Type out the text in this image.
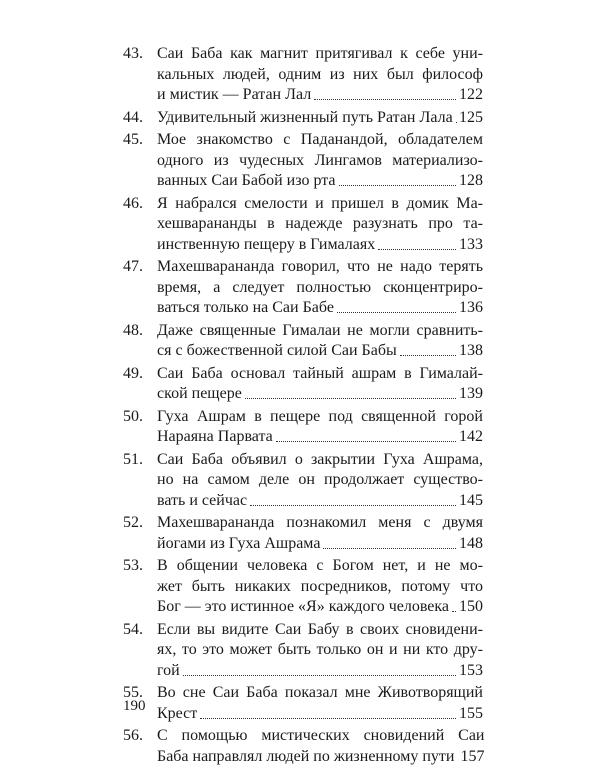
43. Саи Баба как магнит притягивал к себе уни-
кальных людей, одним из них был философ
и мистик — Ратан Лал	122
44. Удивительный жизненный путь Ратан Лала 125
45. Мое знакомство с Паданандой, обладателем
одного из чудесных Лингамов материализо-
ванных Саи Бабой изо рта	128
46. Я набрался смелости и пришел в домик Ма-
хешварананды в надежде разузнать про та-
инственную пещеру в Гималаях	133
47. Махешварананда говорил, что не надо терять
время, а следует полностью сконцентриро-
ваться только на Саи Бабе	136
48. Даже священные Гималаи не могли сравнить-
ся с божественной силой Саи Бабы	138
49. Саи Баба основал тайный ашрам в Гималай-
ской пещере	139
50. Гуха Ашрам в пещере под священной горой
Нараяна Парвата	142
51. Саи Баба объявил о закрытии Гуха Ашрама,
но на самом деле он продолжает существо-
вать и сейчас	145
52. Махешварананда познакомил меня с двумя
йогами из Гуха Ашрама	148
53. В общении человека с Богом нет, и не мо-
жет быть никаких посредников, потому что
Бог — это истинное «Я» каждого человека 150
54. Если вы видите Саи Бабу в своих сновидени-
ях, то это может быть только он и ни кто дру-
гой	153
55. Во сне Саи Баба показал мне Животворящий
Крест	155
56. С помощью мистических сновидений Саи
Баба направлял людей по жизненному пути 157
190
